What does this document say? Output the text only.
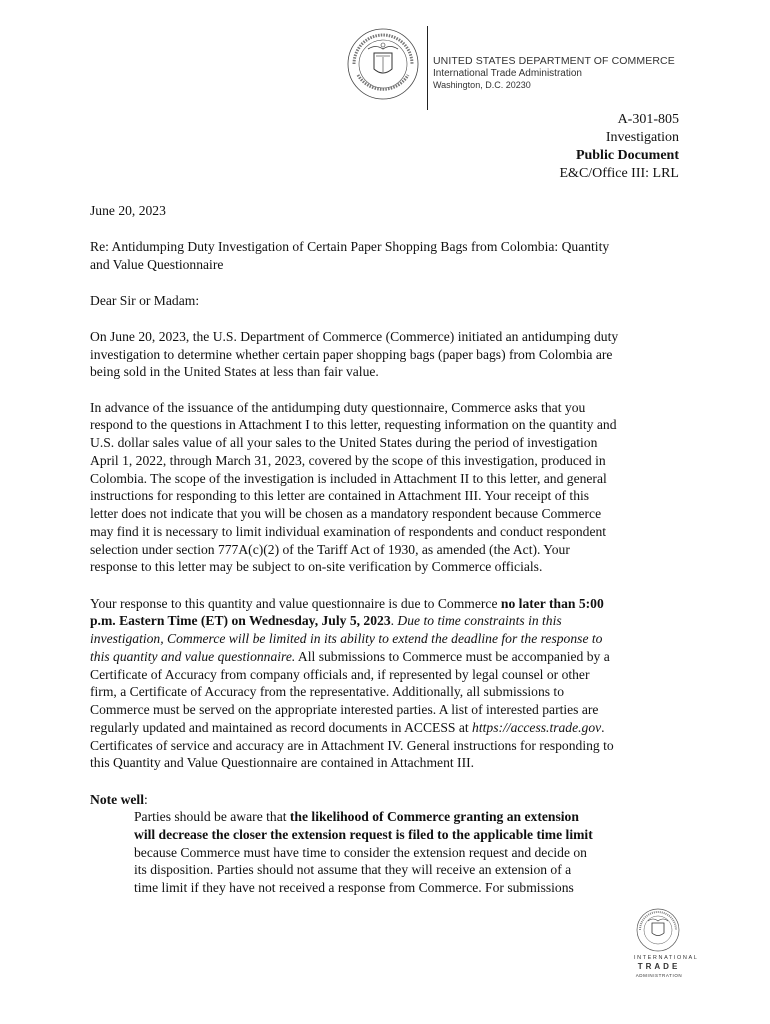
UNITED STATES DEPARTMENT OF COMMERCE
International Trade Administration
Washington, D.C. 20230
A-301-805
Investigation
Public Document
E&C/Office III: LRL
June 20, 2023
Re: Antidumping Duty Investigation of Certain Paper Shopping Bags from Colombia: Quantity
and Value Questionnaire
Dear Sir or Madam:
On June 20, 2023, the U.S. Department of Commerce (Commerce) initiated an antidumping duty
investigation to determine whether certain paper shopping bags (paper bags) from Colombia are
being sold in the United States at less than fair value.
In advance of the issuance of the antidumping duty questionnaire, Commerce asks that you
respond to the questions in Attachment I to this letter, requesting information on the quantity and
U.S. dollar sales value of all your sales to the United States during the period of investigation
April 1, 2022, through March 31, 2023, covered by the scope of this investigation, produced in
Colombia. The scope of the investigation is included in Attachment II to this letter, and general
instructions for responding to this letter are contained in Attachment III. Your receipt of this
letter does not indicate that you will be chosen as a mandatory respondent because Commerce
may find it is necessary to limit individual examination of respondents and conduct respondent
selection under section 777A(c)(2) of the Tariff Act of 1930, as amended (the Act). Your
response to this letter may be subject to on-site verification by Commerce officials.
Your response to this quantity and value questionnaire is due to Commerce no later than 5:00
p.m. Eastern Time (ET) on Wednesday, July 5, 2023. Due to time constraints in this
investigation, Commerce will be limited in its ability to extend the deadline for the response to
this quantity and value questionnaire. All submissions to Commerce must be accompanied by a
Certificate of Accuracy from company officials and, if represented by legal counsel or other
firm, a Certificate of Accuracy from the representative. Additionally, all submissions to
Commerce must be served on the appropriate interested parties. A list of interested parties are
regularly updated and maintained as record documents in ACCESS at https://access.trade.gov.
Certificates of service and accuracy are in Attachment IV. General instructions for responding to
this Quantity and Value Questionnaire are contained in Attachment III.
Note well:
Parties should be aware that the likelihood of Commerce granting an extension
will decrease the closer the extension request is filed to the applicable time limit
because Commerce must have time to consider the extension request and decide on
its disposition. Parties should not assume that they will receive an extension of a
time limit if they have not received a response from Commerce. For submissions
INTERNATIONAL
TRADE
ADMINISTRATION
